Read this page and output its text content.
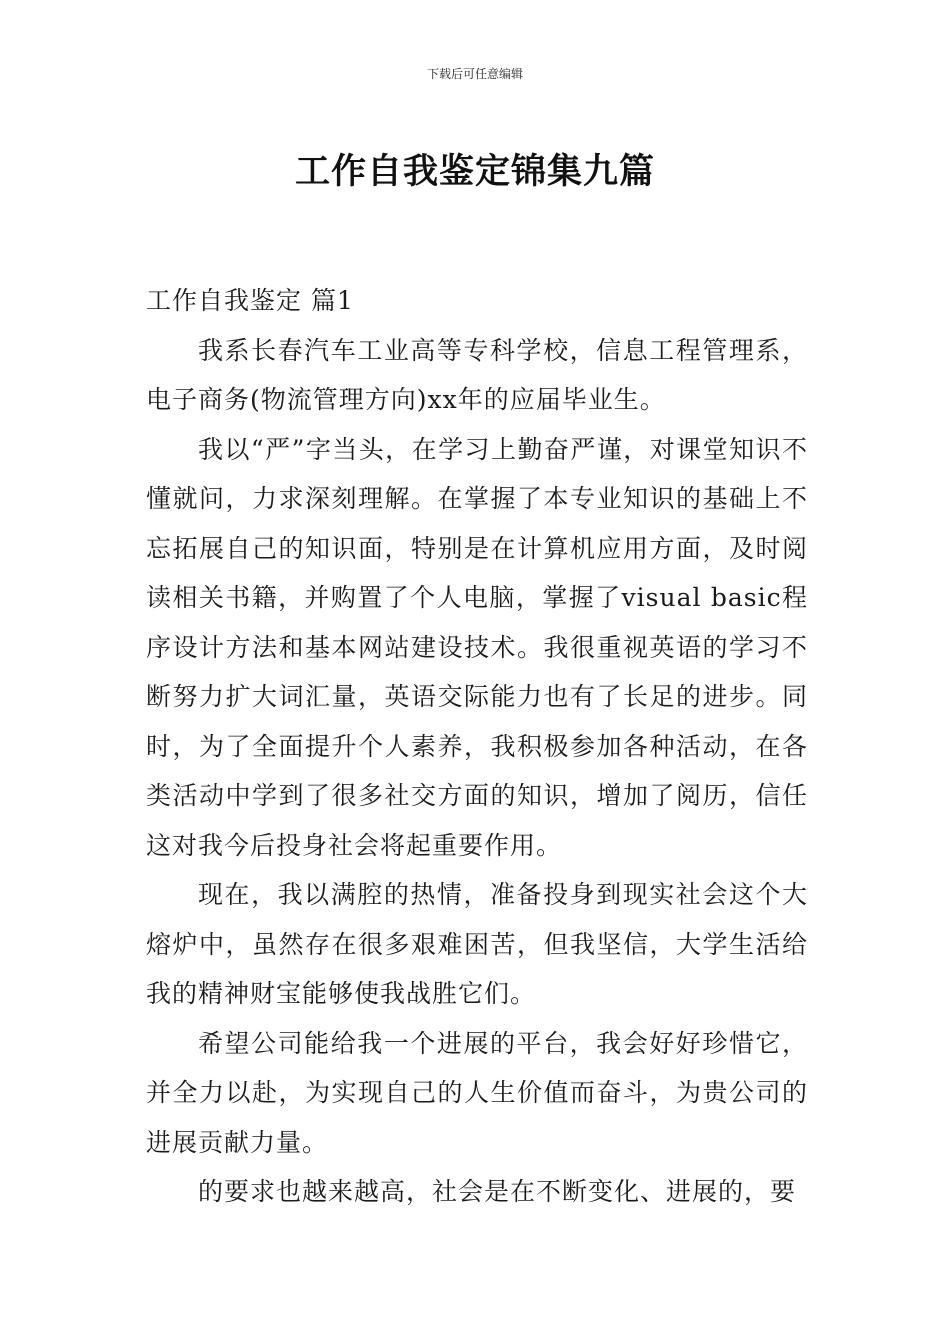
下载后可任意编辑
工作自我鉴定锦集九篇
工作自我鉴定 篇1

我系长春汽车工业高等专科学校，信息工程管理系，电子商务(物流管理方向)xx年的应届毕业生。

我以“严”字当头，在学习上勤奋严谨，对课堂知识不懂就问，力求深刻理解。在掌握了本专业知识的基础上不忘拓展自己的知识面，特别是在计算机应用方面，及时阅读相关书籍，并购置了个人电脑，掌握了visual basic程序设计方法和基本网站建设技术。我很重视英语的学习不断努力扩大词汇量，英语交际能力也有了长足的进步。同时，为了全面提升个人素养，我积极参加各种活动，在各类活动中学到了很多社交方面的知识，增加了阅历，信任这对我今后投身社会将起重要作用。

现在，我以满腔的热情，准备投身到现实社会这个大熔炉中，虽然存在很多艰难困苦，但我坚信，大学生活给我的精神财宝能够使我战胜它们。

希望公司能给我一个进展的平台，我会好好珍惜它，并全力以赴，为实现自己的人生价值而奋斗，为贵公司的进展贡献力量。

的要求也越来越高，社会是在不断变化、进展的，要
